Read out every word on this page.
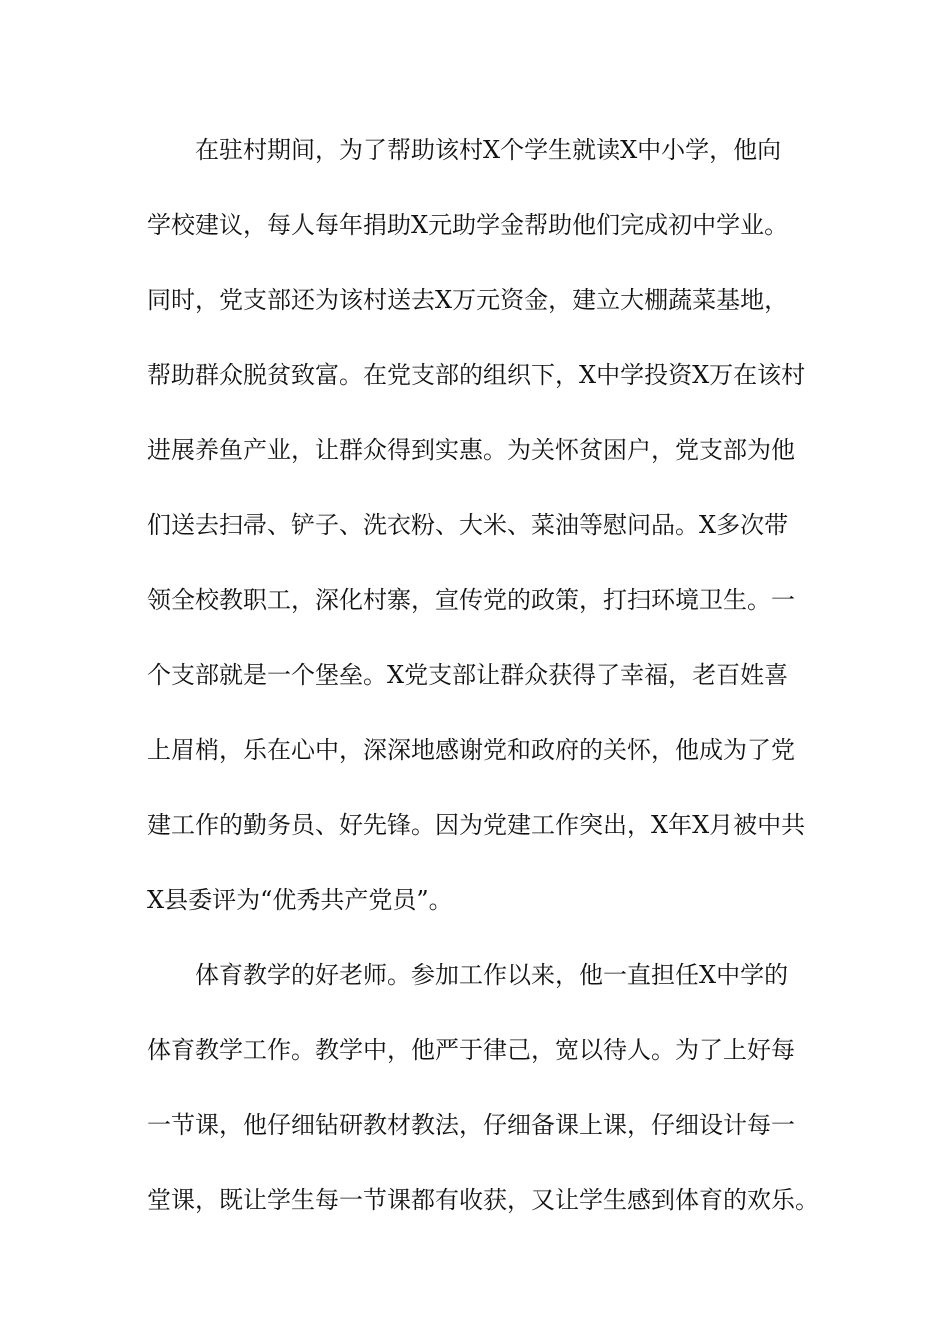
在驻村期间，为了帮助该村X个学生就读X中小学，他向
学校建议，每人每年捐助X元助学金帮助他们完成初中学业。
同时，党支部还为该村送去X万元资金，建立大棚蔬菜基地，
帮助群众脱贫致富。在党支部的组织下，X中学投资X万在该村
进展养鱼产业，让群众得到实惠。为关怀贫困户，党支部为他
们送去扫帚、铲子、洗衣粉、大米、菜油等慰问品。X多次带
领全校教职工，深化村寨，宣传党的政策，打扫环境卫生。一
个支部就是一个堡垒。X党支部让群众获得了幸福，老百姓喜
上眉梢，乐在心中，深深地感谢党和政府的关怀，他成为了党
建工作的勤务员、好先锋。因为党建工作突出，X年X月被中共
X县委评为“优秀共产党员”。
体育教学的好老师。参加工作以来，他一直担任X中学的
体育教学工作。教学中，他严于律己，宽以待人。为了上好每
一节课，他仔细钻研教材教法，仔细备课上课，仔细设计每一
堂课，既让学生每一节课都有收获，又让学生感到体育的欢乐。
